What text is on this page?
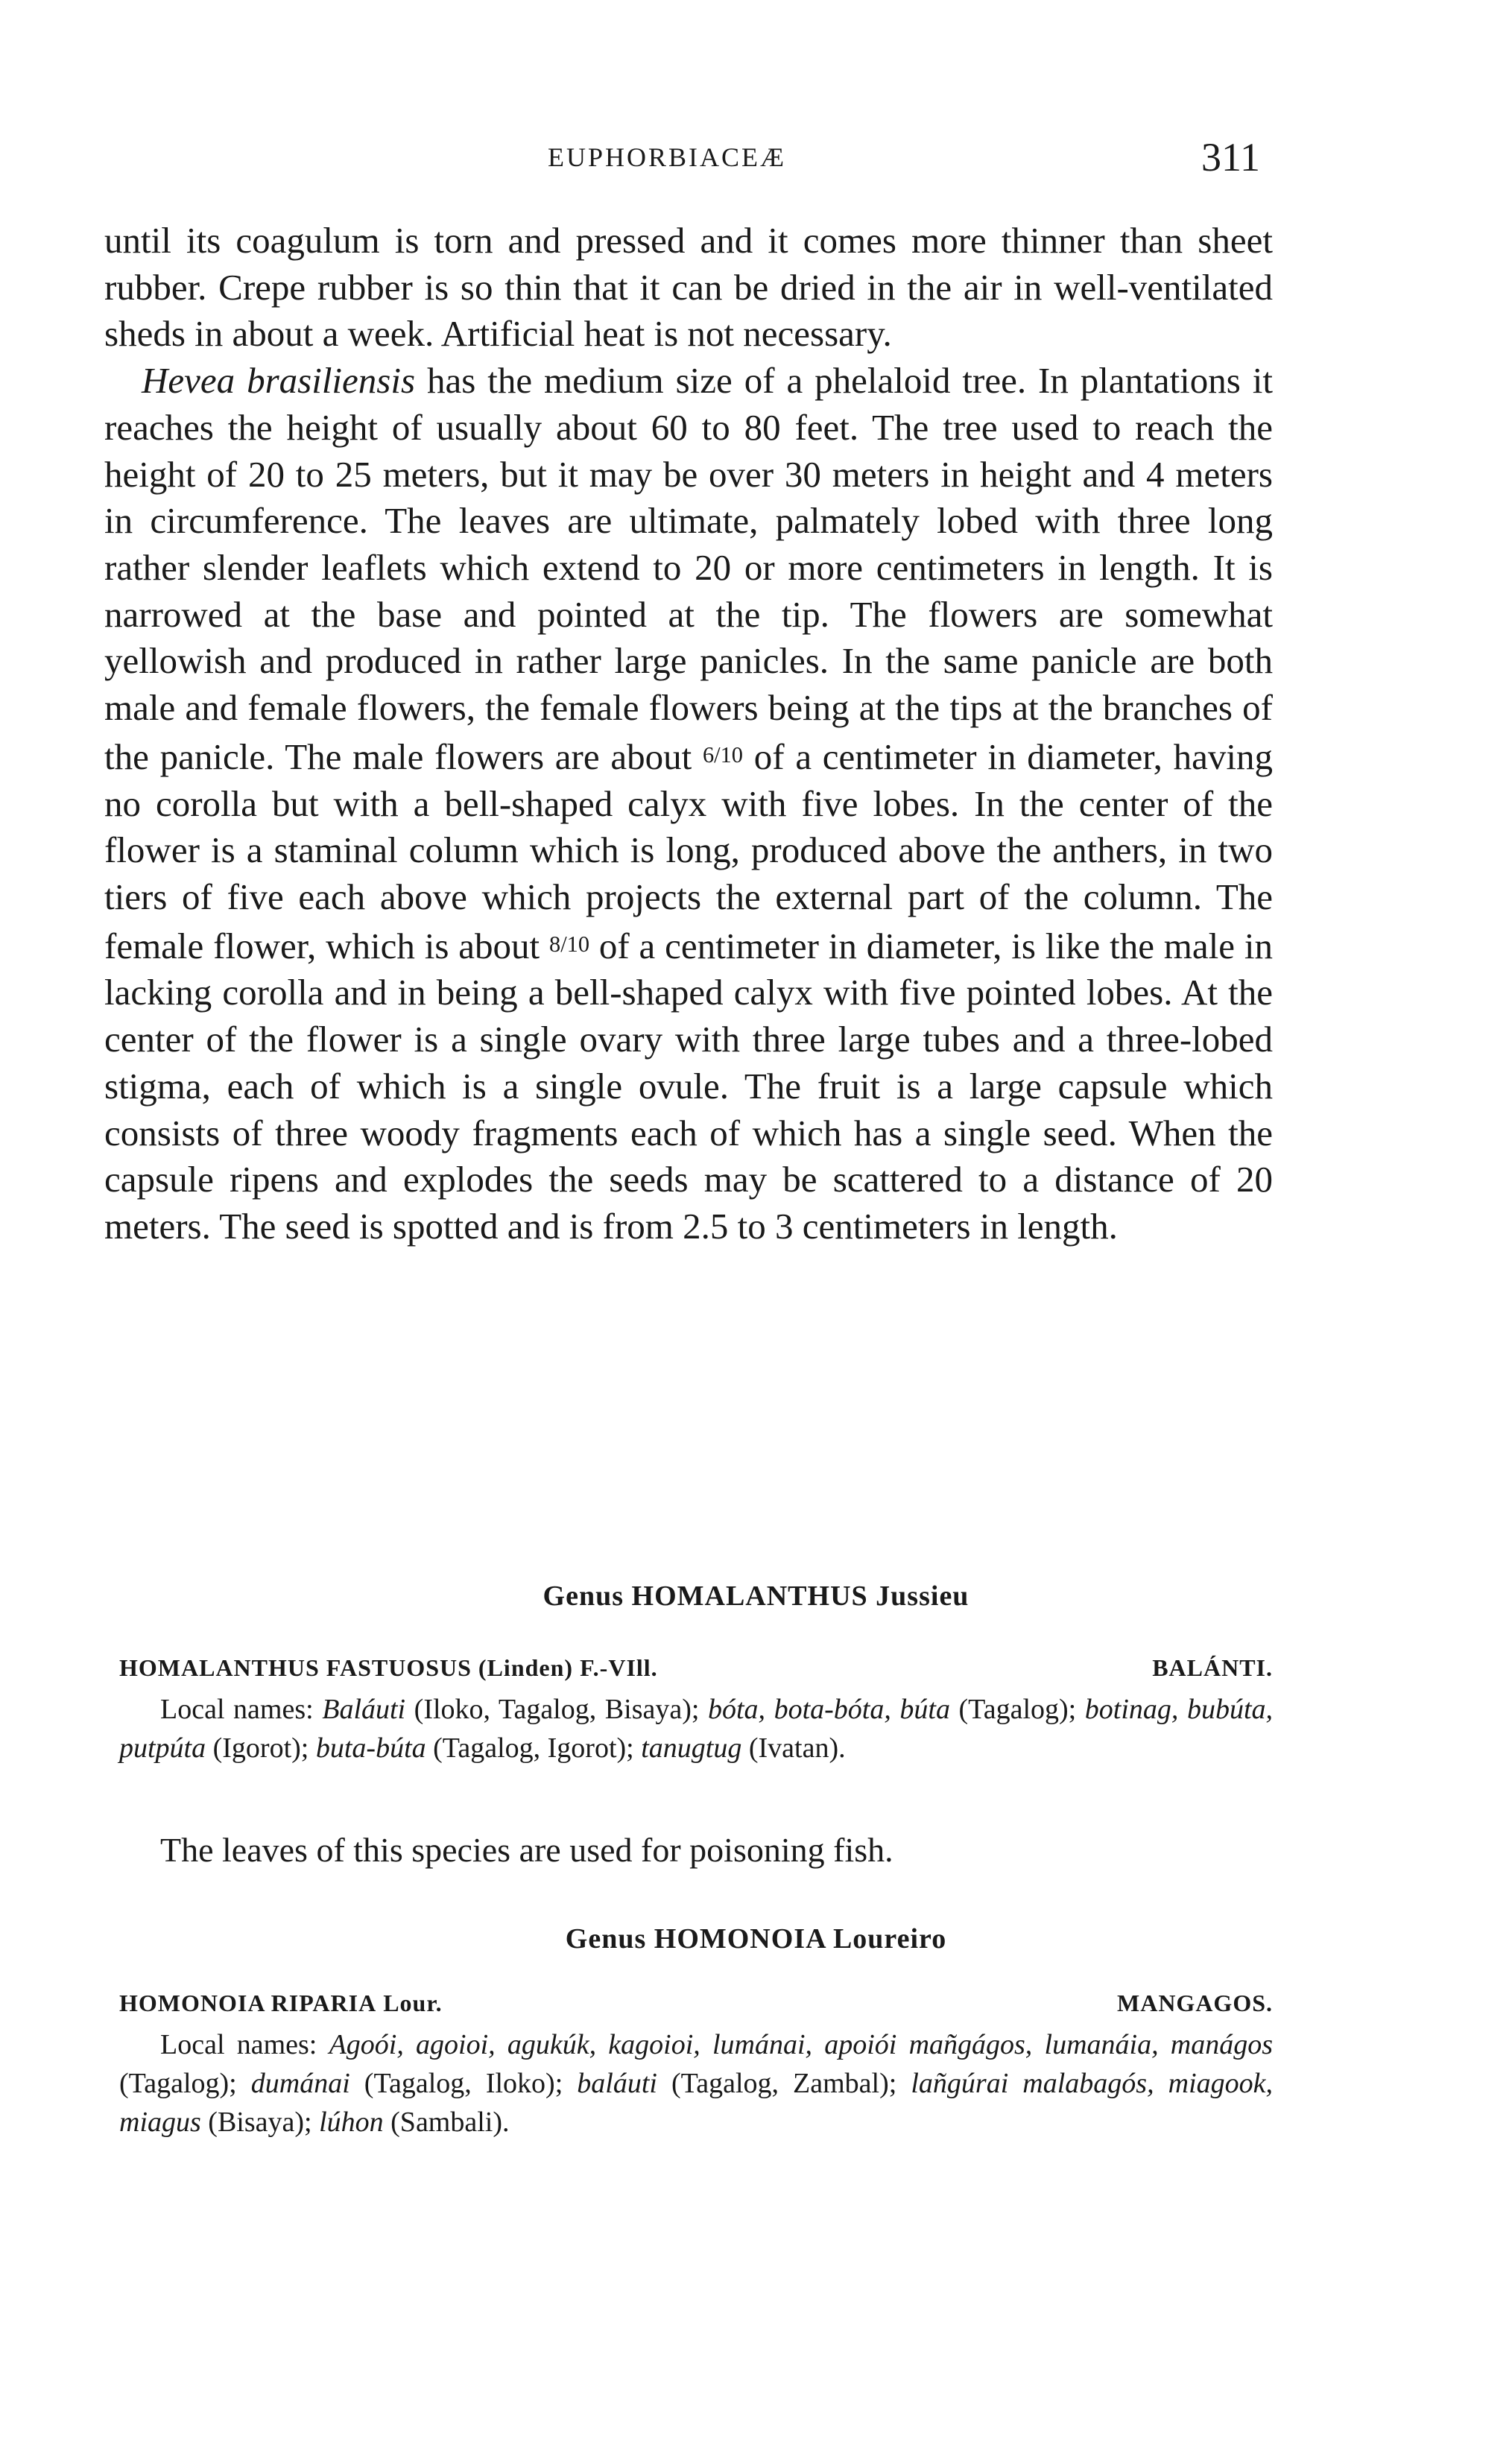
EUPHORBIACEÆ	311

until its coagulum is torn and pressed and it comes more thinner than sheet rubber. Crepe rubber is so thin that it can be dried in the air in well-ventilated sheds in about a week. Artificial heat is not necessary.

Hevea brasiliensis has the medium size of a phelaloid tree. In plantations it reaches the height of usually about 60 to 80 feet. The tree used to reach the height of 20 to 25 meters, but it may be over 30 meters in height and 4 meters in circumference. The leaves are ultimate, palmately lobed with three long rather slender leaflets which extend to 20 or more centimeters in length. It is narrowed at the base and pointed at the tip. The flowers are somewhat yellowish and produced in rather large panicles. In the same panicle are both male and female flowers, the female flowers being at the tips at the branches of the panicle. The male flowers are about 6/10 of a centimeter in diameter, having no corolla but with a bell-shaped calyx with five lobes. In the center of the flower is a staminal column which is long, produced above the anthers, in two tiers of five each above which projects the external part of the column. The female flower, which is about 8/10 of a centimeter in diameter, is like the male in lacking corolla and in being a bell-shaped calyx with five pointed lobes. At the center of the flower is a single ovary with three large tubes and a three-lobed stigma, each of which is a single ovule. The fruit is a large capsule which consists of three woody fragments each of which has a single seed. When the capsule ripens and explodes the seeds may be scattered to a distance of 20 meters. The seed is spotted and is from 2.5 to 3 centimeters in length.

Genus HOMALANTHUS Jussieu
HOMALANTHUS FASTUOSUS (Linden) F.-VIll.	BALÁNTI.

Local names: Baláuti (Iloko, Tagalog, Bisaya); bóta, bota-bóta, búta (Tagalog); botinag, bubúta, putpúta (Igorot); buta-búta (Tagalog, Igorot); tanugtug (Ivatan).

The leaves of this species are used for poisoning fish.

Genus HOMONOIA Loureiro
HOMONOIA RIPARIA Lour.	MANGAGOS.

Local names: Agoói, agoioi, agukúk, kagoioi, lumánai, apoiói mañgágos, lumanáia, manágos (Tagalog); dumánai (Tagalog, Iloko); baláuti (Tagalog, Zambal); lañgúrai malabagós, miagook, miagus (Bisaya); lúhon (Sambali).
